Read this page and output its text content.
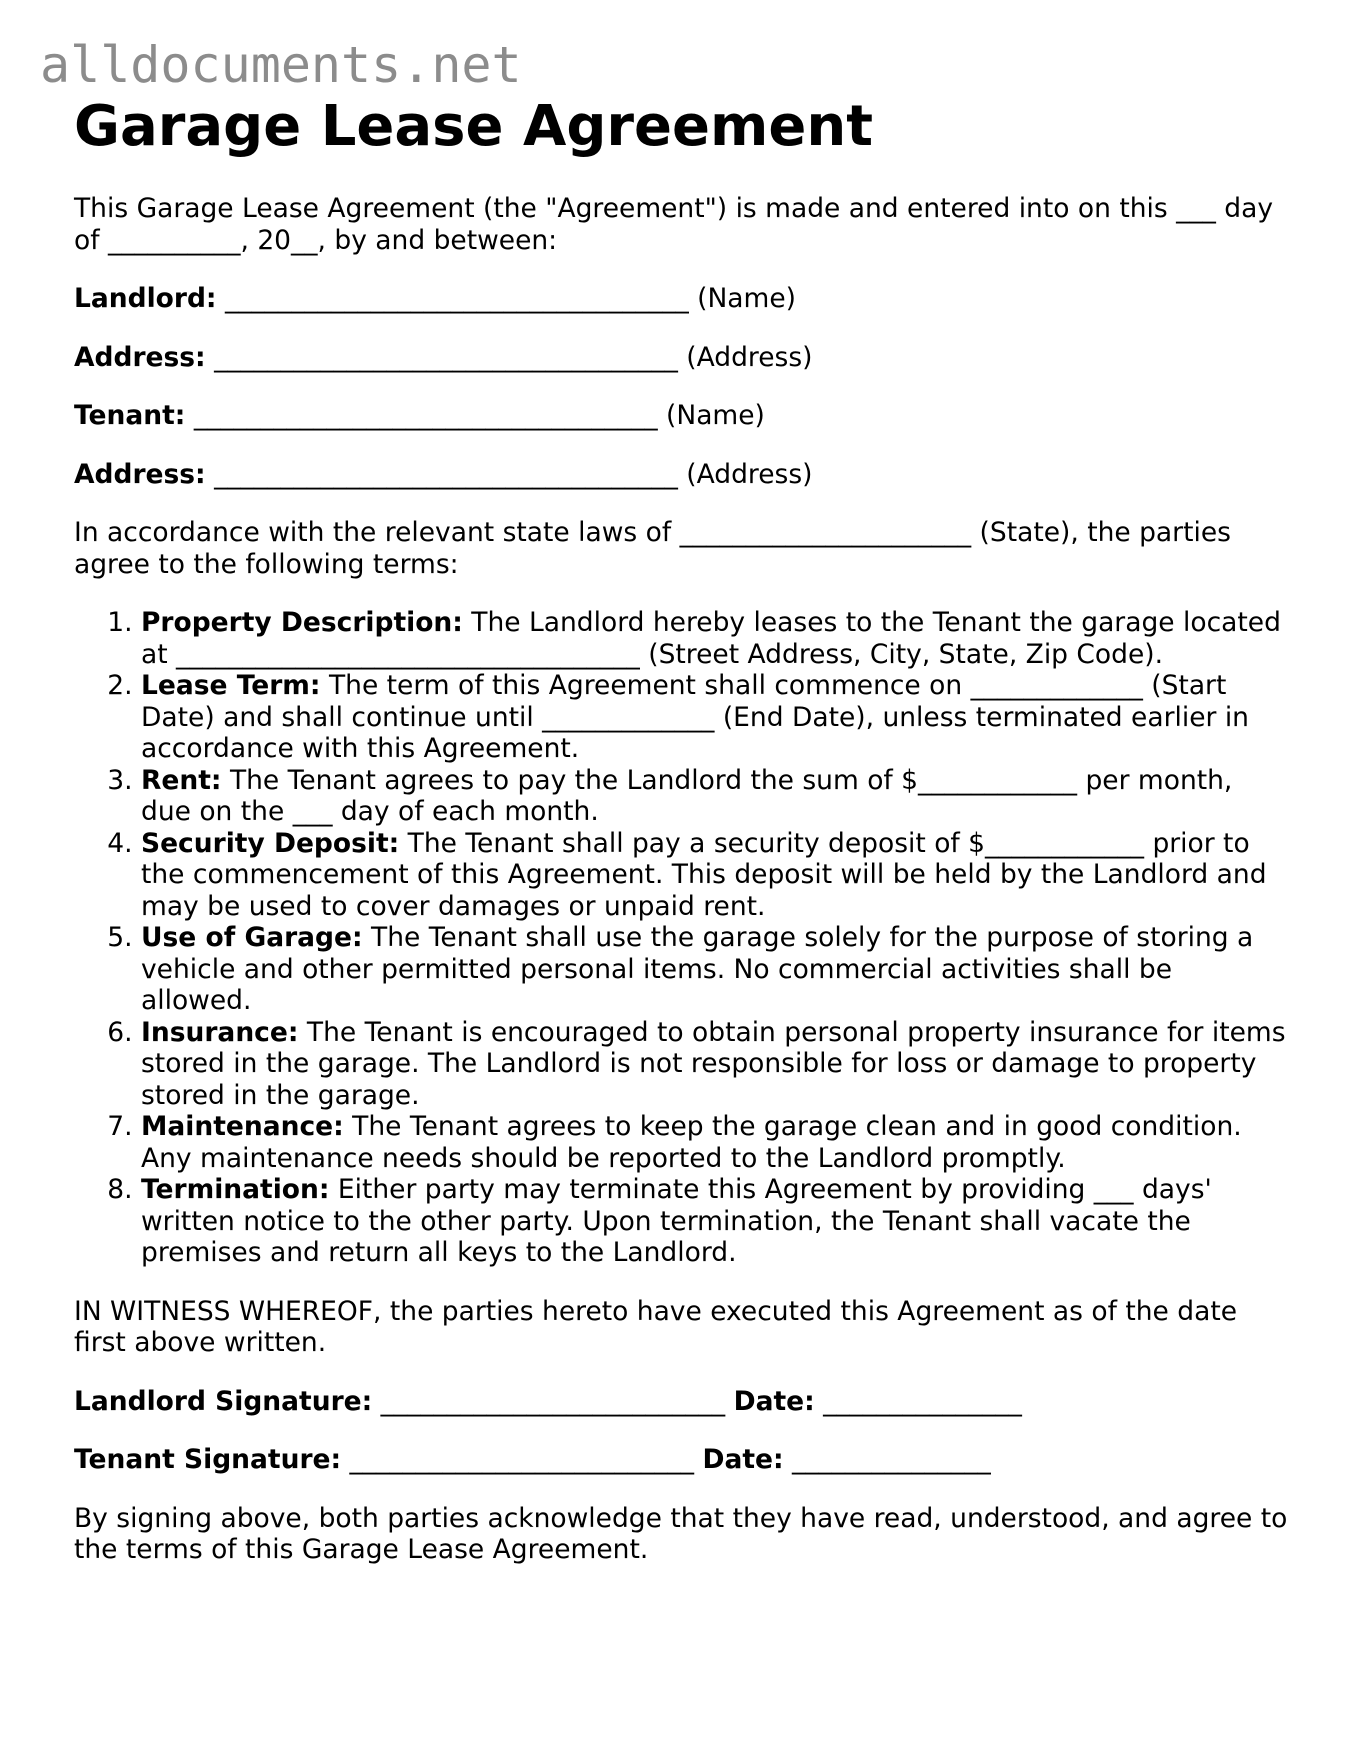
alldocuments.net
Garage Lease Agreement

This Garage Lease Agreement (the "Agreement") is made and entered into on this ___ day of __________, 20__, by and between:

Landlord: ___________________________________ (Name)

Address: ___________________________________ (Address)

Tenant: ___________________________________ (Name)

Address: ___________________________________ (Address)

In accordance with the relevant state laws of ______________________ (State), the parties agree to the following terms:

1. Property Description: The Landlord hereby leases to the Tenant the garage located at ___________________________________ (Street Address, City, State, Zip Code).
2. Lease Term: The term of this Agreement shall commence on _____________ (Start Date) and shall continue until _____________ (End Date), unless terminated earlier in accordance with this Agreement.
3. Rent: The Tenant agrees to pay the Landlord the sum of $____________ per month, due on the ___ day of each month.
4. Security Deposit: The Tenant shall pay a security deposit of $____________ prior to the commencement of this Agreement. This deposit will be held by the Landlord and may be used to cover damages or unpaid rent.
5. Use of Garage: The Tenant shall use the garage solely for the purpose of storing a vehicle and other permitted personal items. No commercial activities shall be allowed.
6. Insurance: The Tenant is encouraged to obtain personal property insurance for items stored in the garage. The Landlord is not responsible for loss or damage to property stored in the garage.
7. Maintenance: The Tenant agrees to keep the garage clean and in good condition. Any maintenance needs should be reported to the Landlord promptly.
8. Termination: Either party may terminate this Agreement by providing ___ days' written notice to the other party. Upon termination, the Tenant shall vacate the premises and return all keys to the Landlord.

IN WITNESS WHEREOF, the parties hereto have executed this Agreement as of the date first above written.

Landlord Signature: __________________________ Date: _______________

Tenant Signature: __________________________ Date: _______________

By signing above, both parties acknowledge that they have read, understood, and agree to the terms of this Garage Lease Agreement.
